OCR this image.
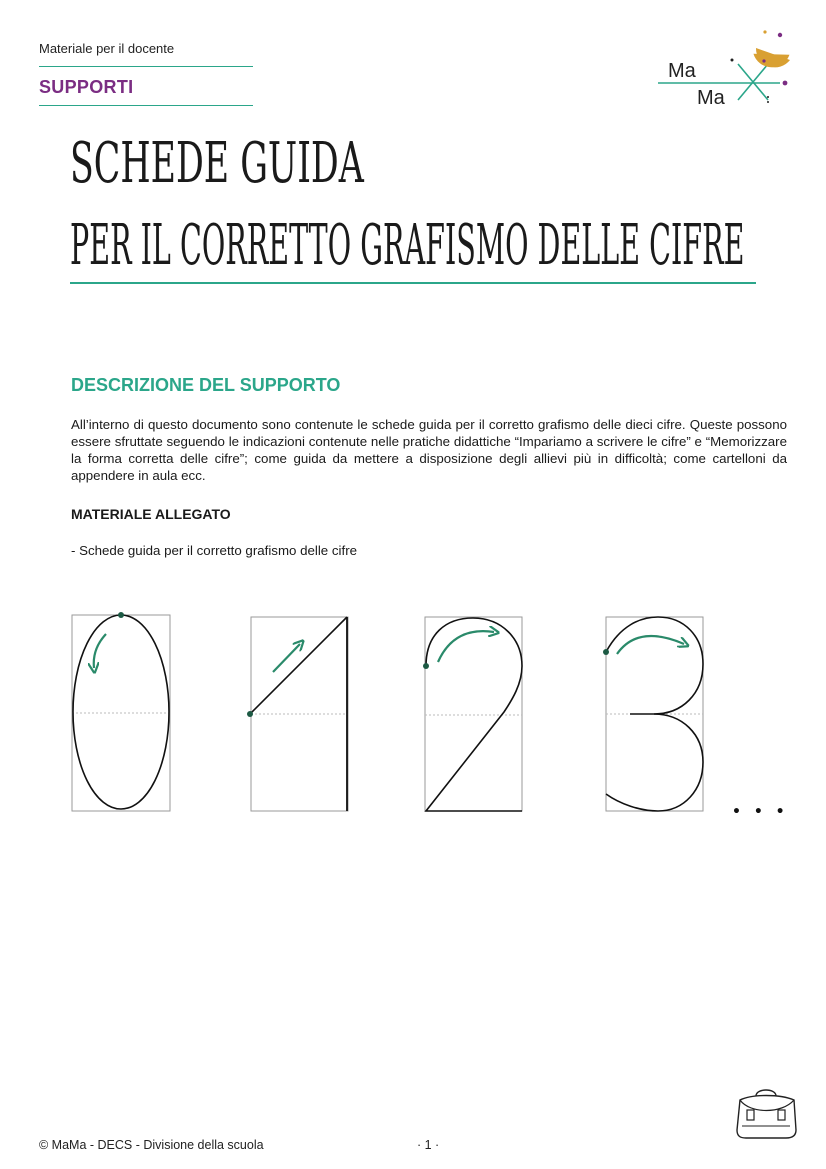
Materiale per il docente
SUPPORTI
Ma
Ma
SCHEDE GUIDA
PER IL CORRETTO GRAFISMO DELLE CIFRE
DESCRIZIONE DEL SUPPORTO
All’interno di questo documento sono contenute le schede guida per il corretto grafismo delle dieci cifre. Queste possono essere sfruttate seguendo le indicazioni contenute nelle pratiche didattiche “Impariamo a scrivere le cifre” e “Memorizzare la forma corretta delle cifre”; come guida da mettere a disposizione degli allievi più in difficoltà; come cartelloni da appendere in aula ecc.
MATERIALE ALLEGATO
- Schede guida per il corretto grafismo delle cifre
• • •
© MaMa - DECS - Divisione della scuola	· 1 ·
